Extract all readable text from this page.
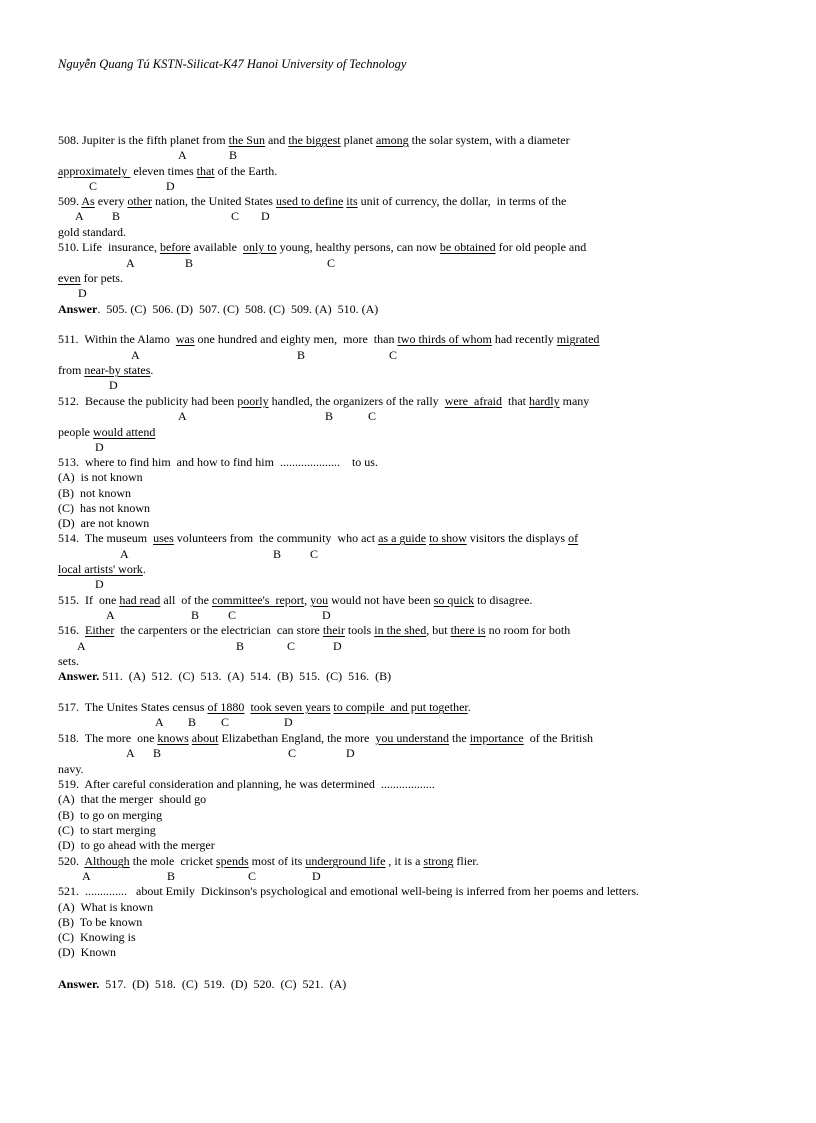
Nguyễn Quang Tú KSTN-Silicat-K47 Hanoi University of Technology
508. Jupiter is the fifth planet from the Sun and the biggest planet among the solar system, with a diameter
A	B
approximately  eleven times that of the Earth.
C	D
509. As every other nation, the United States used to define its unit of currency, the dollar,  in terms of the
A B	C D
gold standard.
510. Life  insurance, before available  only to young, healthy persons, can now be obtained for old people and
A	B	C
even for pets.
D
Answer.  505. (C)  506. (D)  507. (C)  508. (C)  509. (A)  510. (A)
511.  Within the Alamo  was one hundred and eighty men,  more  than two thirds of whom had recently migrated
A	B	C
from near-by states.
D
512.  Because the publicity had been poorly handled, the organizers of the rally  were  afraid  that hardly many
A	B	C
people would attend
D
513.  where to find him  and how to find him  ....................    to us.
(A)  is not known
(B)  not known
(C)  has not known
(D)  are not known
514.  The museum  uses volunteers from  the community  who act as a guide to show visitors the displays of
A	B C
local artists' work.
D
515.  If  one had read all  of the committee's  report, you would not have been so quick to disagree.
A	B C	D
516.  Either  the carpenters or the electrician  can store their tools in the shed, but there is no room for both
A	B	C	D
sets.
Answer. 511.  (A)  512.  (C)  513.  (A)  514.  (B)  515.  (C)  516.  (B)
517.  The Unites States census of 1880 took seven years to compile  and put together.
A B C	D
518.  The more  one knows about Elizabethan England, the more  you understand the importance  of the British
A B	C	D
navy.
519.  After careful consideration and planning, he was determined  ..................
(A)  that the merger  should go
(B)  to go on merging
(C)  to start merging
(D)  to go ahead with the merger
520.  Although the mole  cricket spends most of its underground life , it is a strong flier.
A	B	C	D
521.  ..............   about Emily  Dickinson's psychological and emotional well-being is inferred from her poems and letters.
(A)  What is known
(B)  To be known
(C)  Knowing is
(D)  Known
Answer.  517.  (D)  518.  (C)  519.  (D)  520.  (C)  521.  (A)
